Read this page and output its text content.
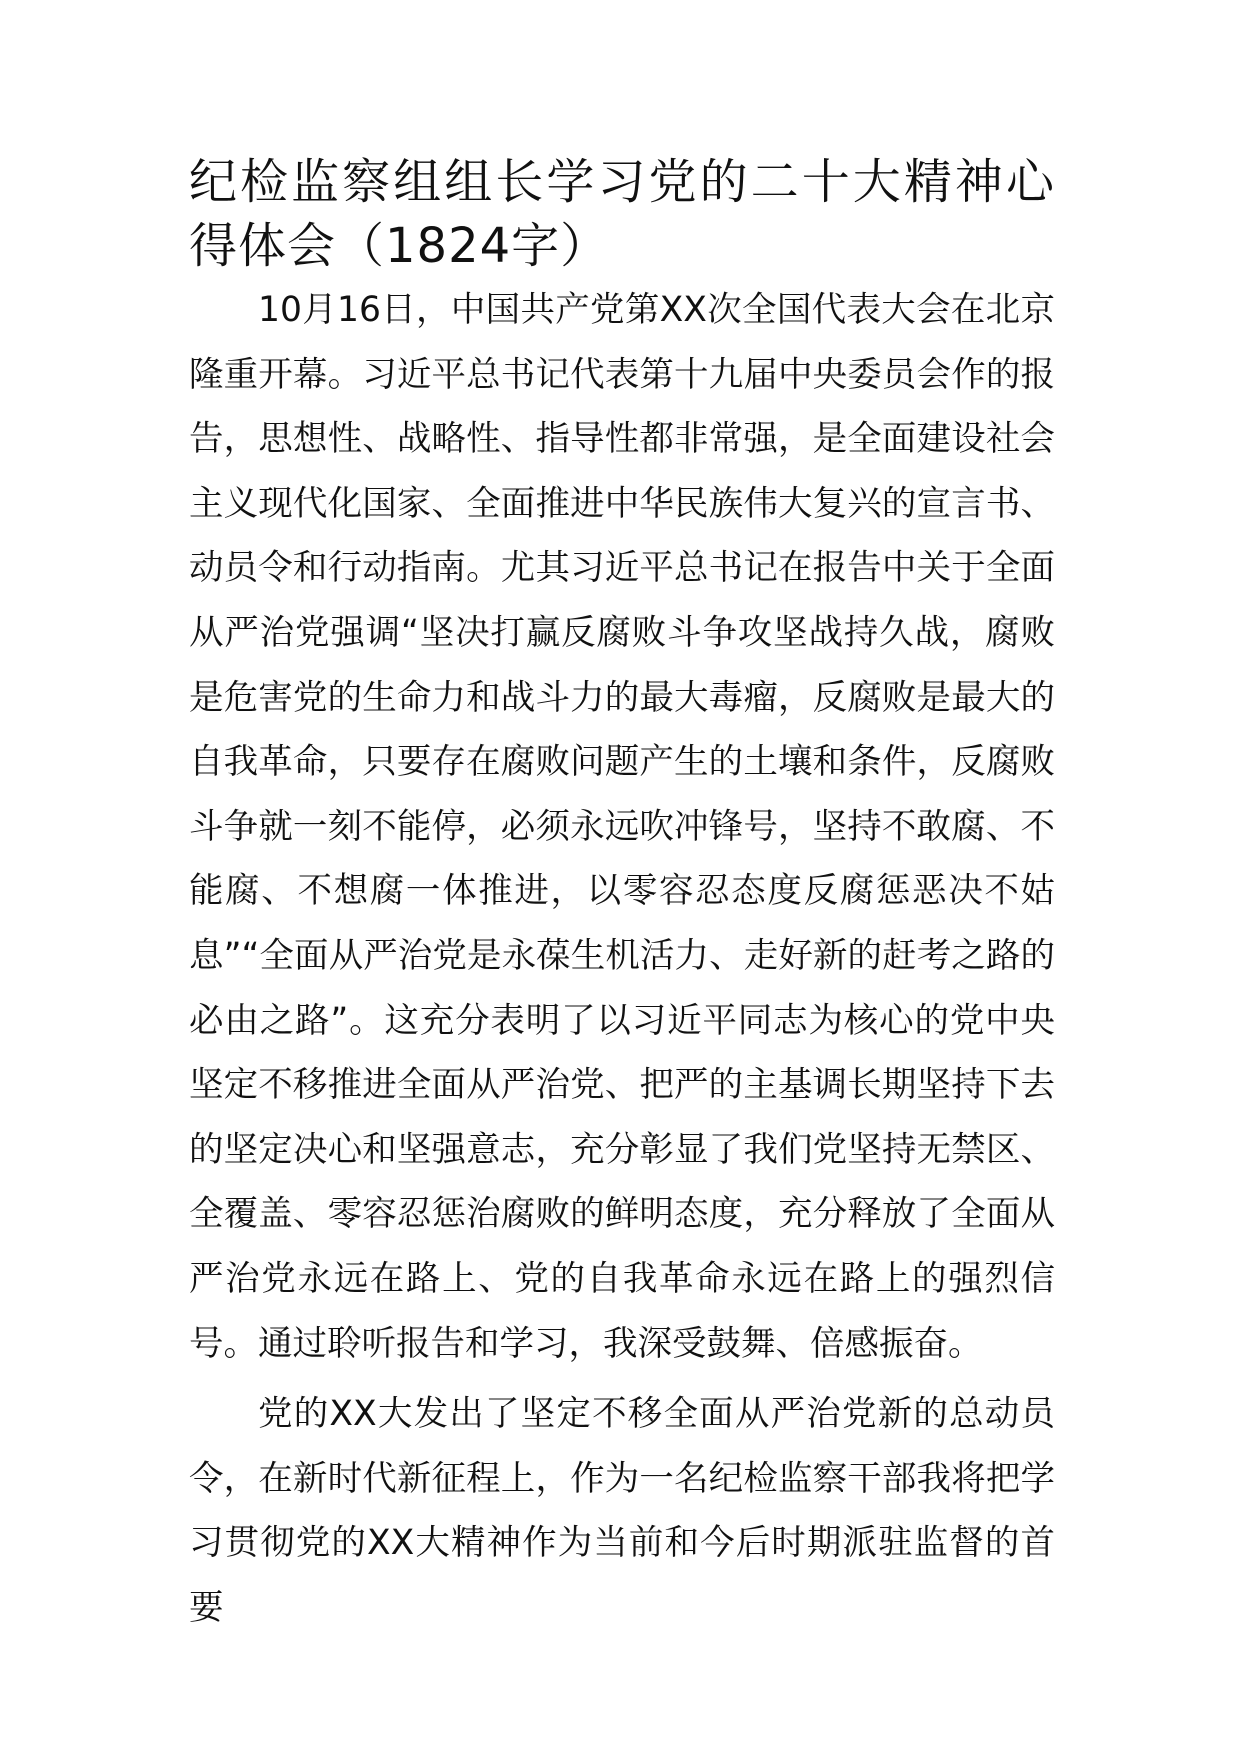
纪检监察组组长学习党的二十大精神心得体会（1824字）

10月16日，中国共产党第XX次全国代表大会在北京隆重开幕。习近平总书记代表第十九届中央委员会作的报告，思想性、战略性、指导性都非常强，是全面建设社会主义现代化国家、全面推进中华民族伟大复兴的宣言书、动员令和行动指南。尤其习近平总书记在报告中关于全面从严治党强调“坚决打赢反腐败斗争攻坚战持久战，腐败是危害党的生命力和战斗力的最大毒瘤，反腐败是最大的自我革命，只要存在腐败问题产生的土壤和条件，反腐败斗争就一刻不能停，必须永远吹冲锋号，坚持不敢腐、不能腐、不想腐一体推进，以零容忍态度反腐惩恶决不姑息”“全面从严治党是永葆生机活力、走好新的赶考之路的必由之路”。这充分表明了以习近平同志为核心的党中央坚定不移推进全面从严治党、把严的主基调长期坚持下去的坚定决心和坚强意志，充分彰显了我们党坚持无禁区、全覆盖、零容忍惩治腐败的鲜明态度，充分释放了全面从严治党永远在路上、党的自我革命永远在路上的强烈信号。通过聆听报告和学习，我深受鼓舞、倍感振奋。

党的XX大发出了坚定不移全面从严治党新的总动员令，在新时代新征程上，作为一名纪检监察干部我将把学习贯彻党的XX大精神作为当前和今后时期派驻监督的首要
